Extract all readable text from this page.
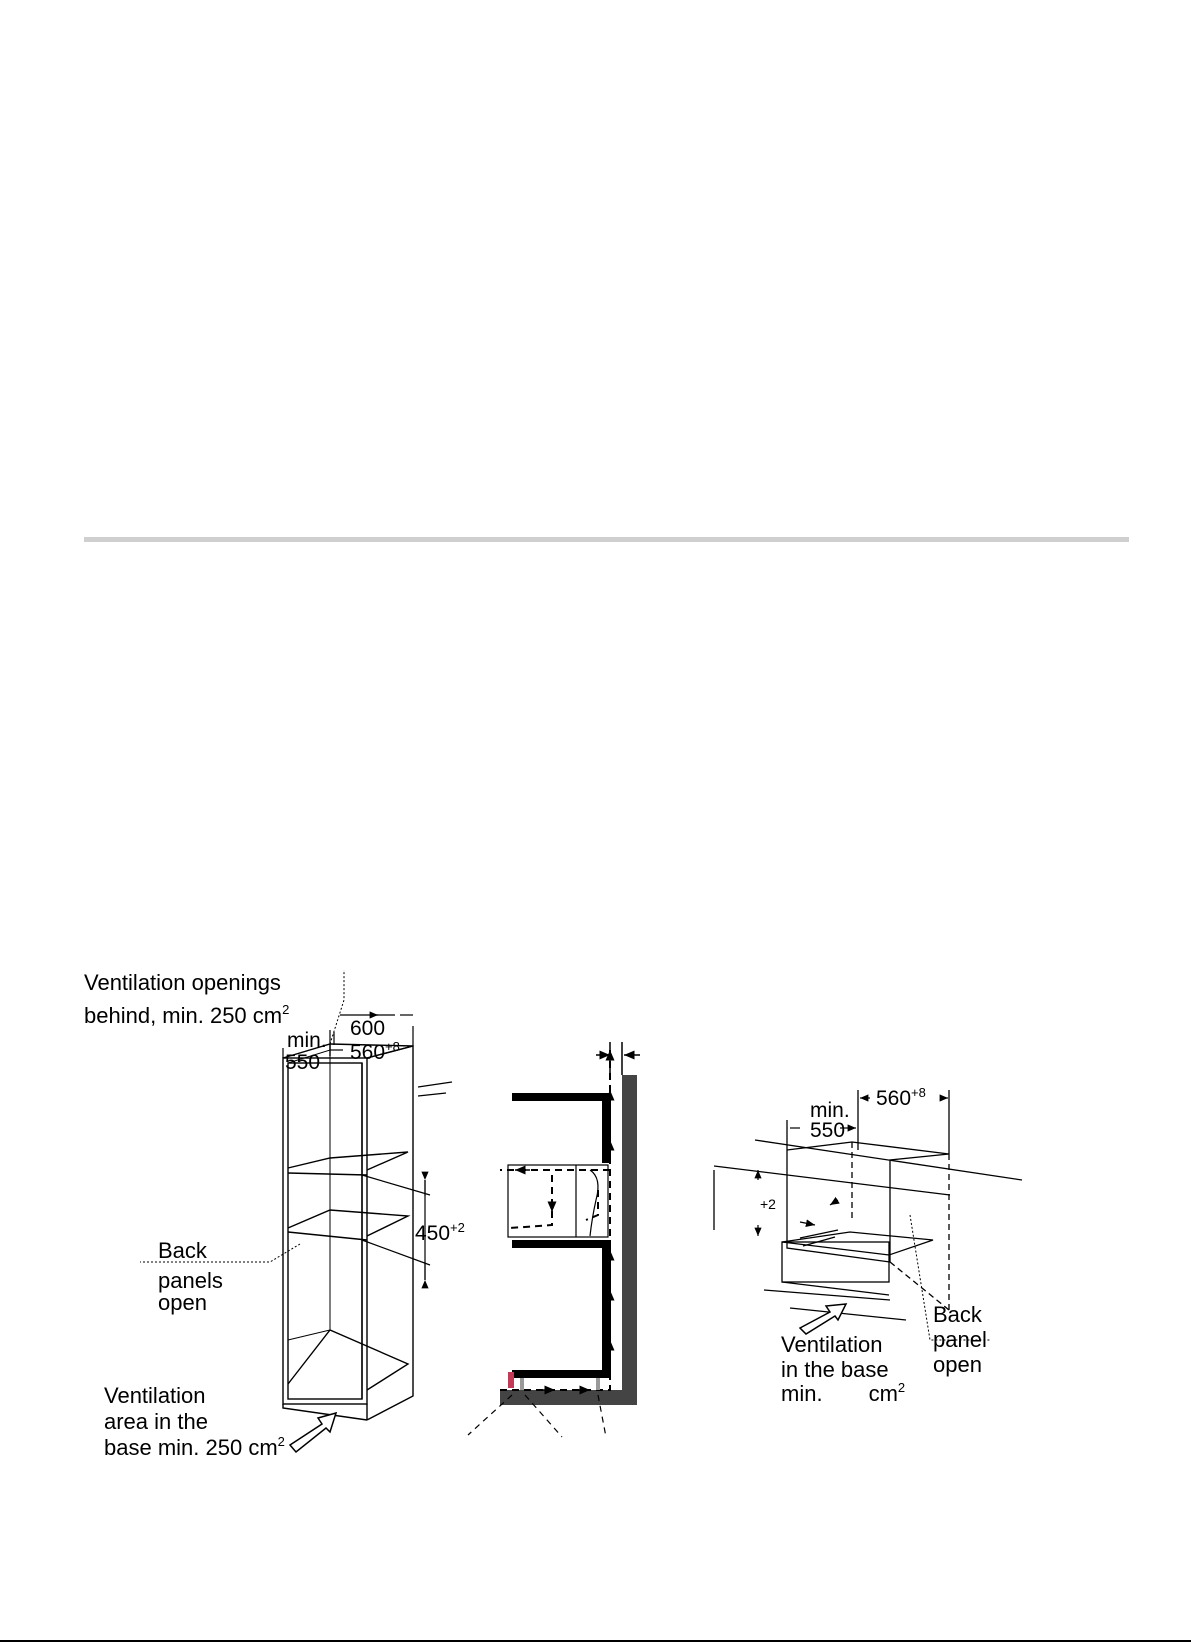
Ventilation openings
behind, min. 250 $cm^2$
600
min.
550 $560^{+8}$
$450^{+2}$
Back
panels
open
Ventilation
area in the
base min. 250 $cm^2$
min.
550
$560^{+8}$
+2
Ventilation
in the base
min. $cm^2$
Back
panel
open
